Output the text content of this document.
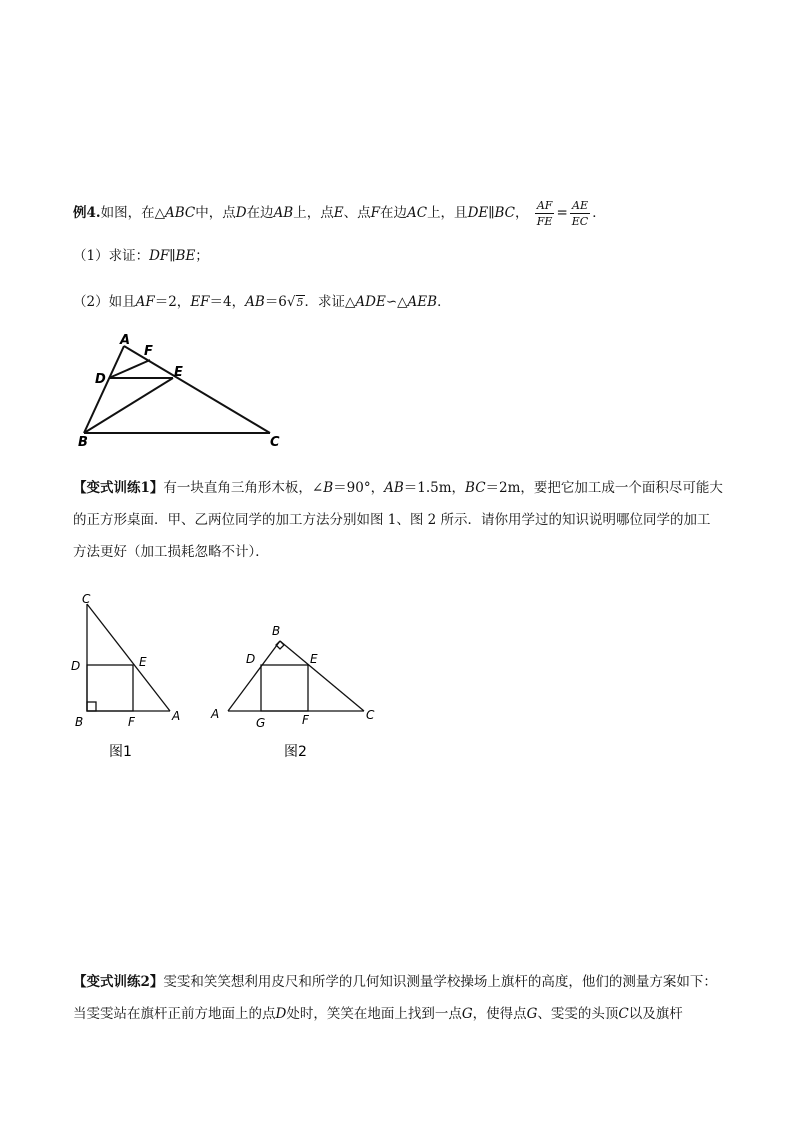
例4.如图，在△ABC中，点D在边AB上，点E、点F在边AC上，且DE∥BC， $\frac{AF}{FE} = \frac{AE}{EC}$ ．
（1）求证：DF∥BE；
（2）如且AF＝2，EF＝4，AB＝6√5．求证△ADE∽△AEB．
A
F
D	E
B	C
【变式训练1】有一块直角三角形木板，∠B＝90°，AB＝1.5m，BC＝2m，要把它加工成一个面积尽可能大
的正方形桌面．甲、乙两位同学的加工方法分别如图 1、图 2 所示．请你用学过的知识说明哪位同学的加工
方法更好（加工损耗忽略不计）．
C
D	E
B	F	A
图1
B
D	E
A
G	F	C
图2
【变式训练2】雯雯和笑笑想利用皮尺和所学的几何知识测量学校操场上旗杆的高度，他们的测量方案如下：
当雯雯站在旗杆正前方地面上的点D处时，笑笑在地面上找到一点G，使得点G、雯雯的头顶C以及旗杆
